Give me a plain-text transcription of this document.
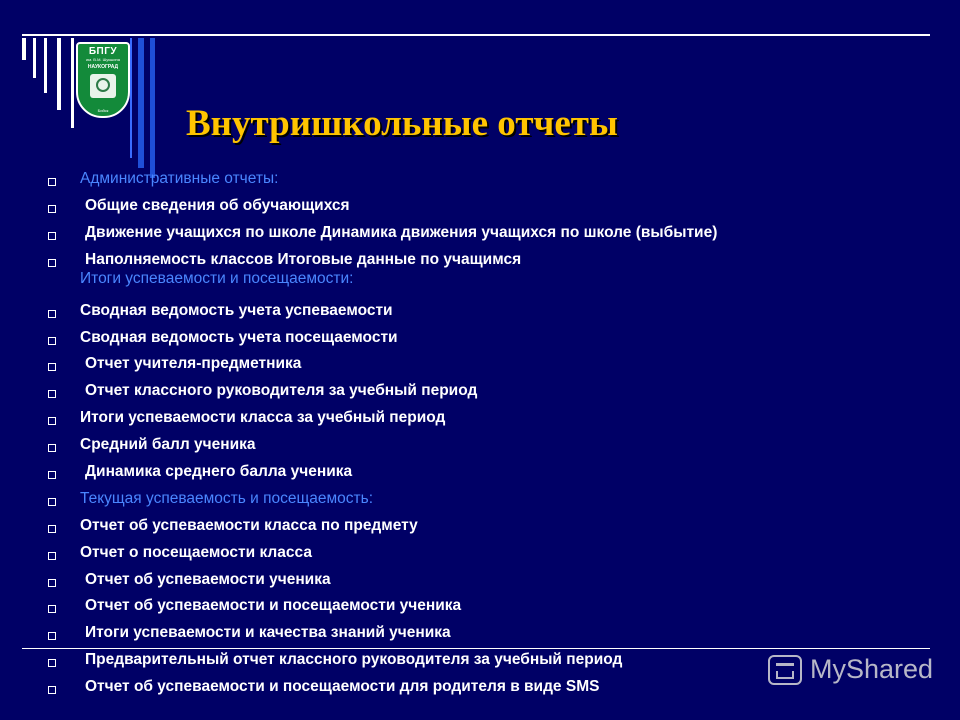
БПГУ
им. В.М. Шукшина
НАУКОГРАД
Бийск	Внутришкольные отчеты
Административные отчеты:
Общие сведения об обучающихся
Движение учащихся по школе Динамика движения учащихся по школе (выбытие)
Наполняемость классов Итоговые данные по учащимся
Итоги успеваемости и посещаемости:
Сводная ведомость учета успеваемости
Сводная ведомость учета посещаемости
Отчет учителя-предметника
Отчет классного руководителя за учебный период
Итоги успеваемости класса за учебный период
Средний балл ученика
Динамика среднего балла ученика
Текущая успеваемость и посещаемость:
Отчет об успеваемости класса по предмету
Отчет о посещаемости класса
Отчет об успеваемости ученика
Отчет об успеваемости и посещаемости ученика
Итоги успеваемости и качества знаний ученика
Предварительный отчет классного руководителя за учебный период
Отчет об успеваемости и посещаемости для родителя в виде SMS
MyShared
